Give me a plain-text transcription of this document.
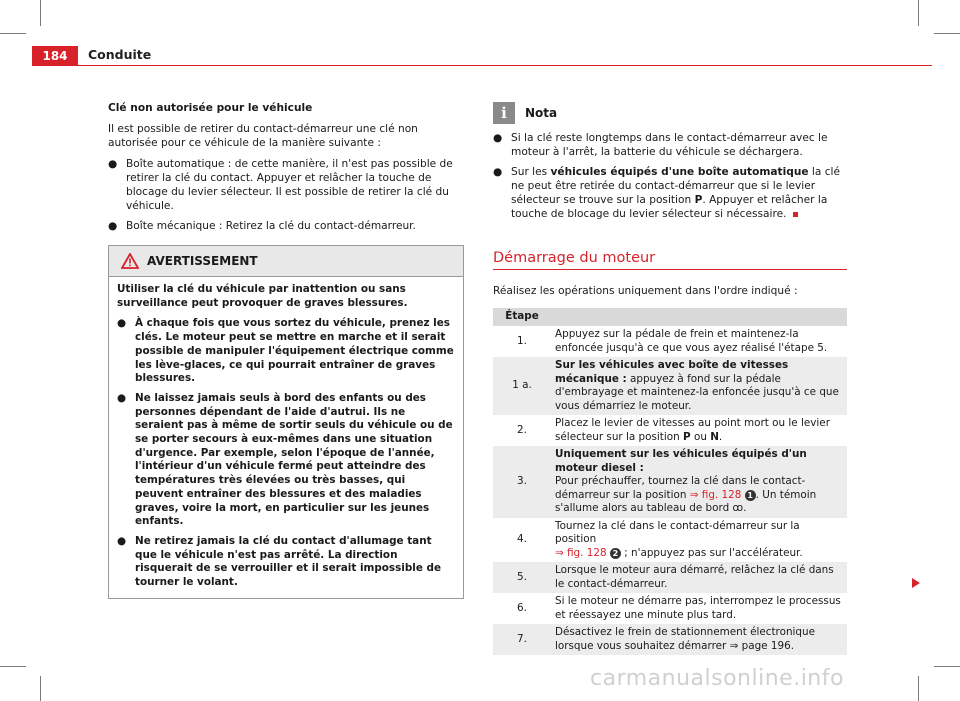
184	Conduite

Clé non autorisée pour le véhicule

Il est possible de retirer du contact-démarreur une clé non autorisée pour ce véhicule de la manière suivante :

● Boîte automatique : de cette manière, il n'est pas possible de retirer la clé du contact. Appuyer et relâcher la touche de blocage du levier sélecteur. Il est possible de retirer la clé du véhicule.
● Boîte mécanique : Retirez la clé du contact-démarreur.
AVERTISSEMENT

Utiliser la clé du véhicule par inattention ou sans surveillance peut provoquer de graves blessures.

● À chaque fois que vous sortez du véhicule, prenez les clés. Le moteur peut se mettre en marche et il serait possible de manipuler l'équipement électrique comme les lève-glaces, ce qui pourrait entraîner de graves blessures.
● Ne laissez jamais seuls à bord des enfants ou des personnes dépendant de l'aide d'autrui. Ils ne seraient pas à même de sortir seuls du véhicule ou de se porter secours à eux-mêmes dans une situation d'urgence. Par exemple, selon l'époque de l'année, l'intérieur d'un véhicule fermé peut atteindre des températures très élevées ou très basses, qui peuvent entraîner des blessures et des maladies graves, voire la mort, en particulier sur les jeunes enfants.
● Ne retirez jamais la clé du contact d'allumage tant que le véhicule n'est pas arrêté. La direction risquerait de se verrouiller et il serait impossible de tourner le volant.
i	Nota
● Si la clé reste longtemps dans le contact-démarreur avec le moteur à l'arrêt, la batterie du véhicule se déchargera.
● Sur les véhicules équipés d'une boîte automatique la clé ne peut être retirée du contact-démarreur que si le levier sélecteur se trouve sur la position P. Appuyer et relâcher la touche de blocage du levier sélecteur si nécessaire.
Démarrage du moteur

Réalisez les opérations uniquement dans l'ordre indiqué :

Étape	
1.	Appuyez sur la pédale de frein et maintenez-la enfoncée jusqu'à ce que vous ayez réalisé l'étape 5.
1 a.	Sur les véhicules avec boîte de vitesses mécanique : appuyez à fond sur la pédale d'embrayage et maintenez-la enfoncée jusqu'à ce que vous démarriez le moteur.
2.	Placez le levier de vitesses au point mort ou le levier sélecteur sur la position P ou N.
3.	Uniquement sur les véhicules équipés d'un moteur diesel :
Pour préchauffer, tournez la clé dans le contact-démarreur sur la position ⇒ fig. 128 1 . Un témoin s'allume alors au tableau de bord ꝏ.
4.	Tournez la clé dans le contact-démarreur sur la position
⇒ fig. 128 2 ; n'appuyez pas sur l'accélérateur.
5.	Lorsque le moteur aura démarré, relâchez la clé dans le contact-démarreur.
6.	Si le moteur ne démarre pas, interrompez le processus et réessayez une minute plus tard.
7.	Désactivez le frein de stationnement électronique lorsque vous souhaitez démarrer ⇒ page 196.
carmanualsonline.info
